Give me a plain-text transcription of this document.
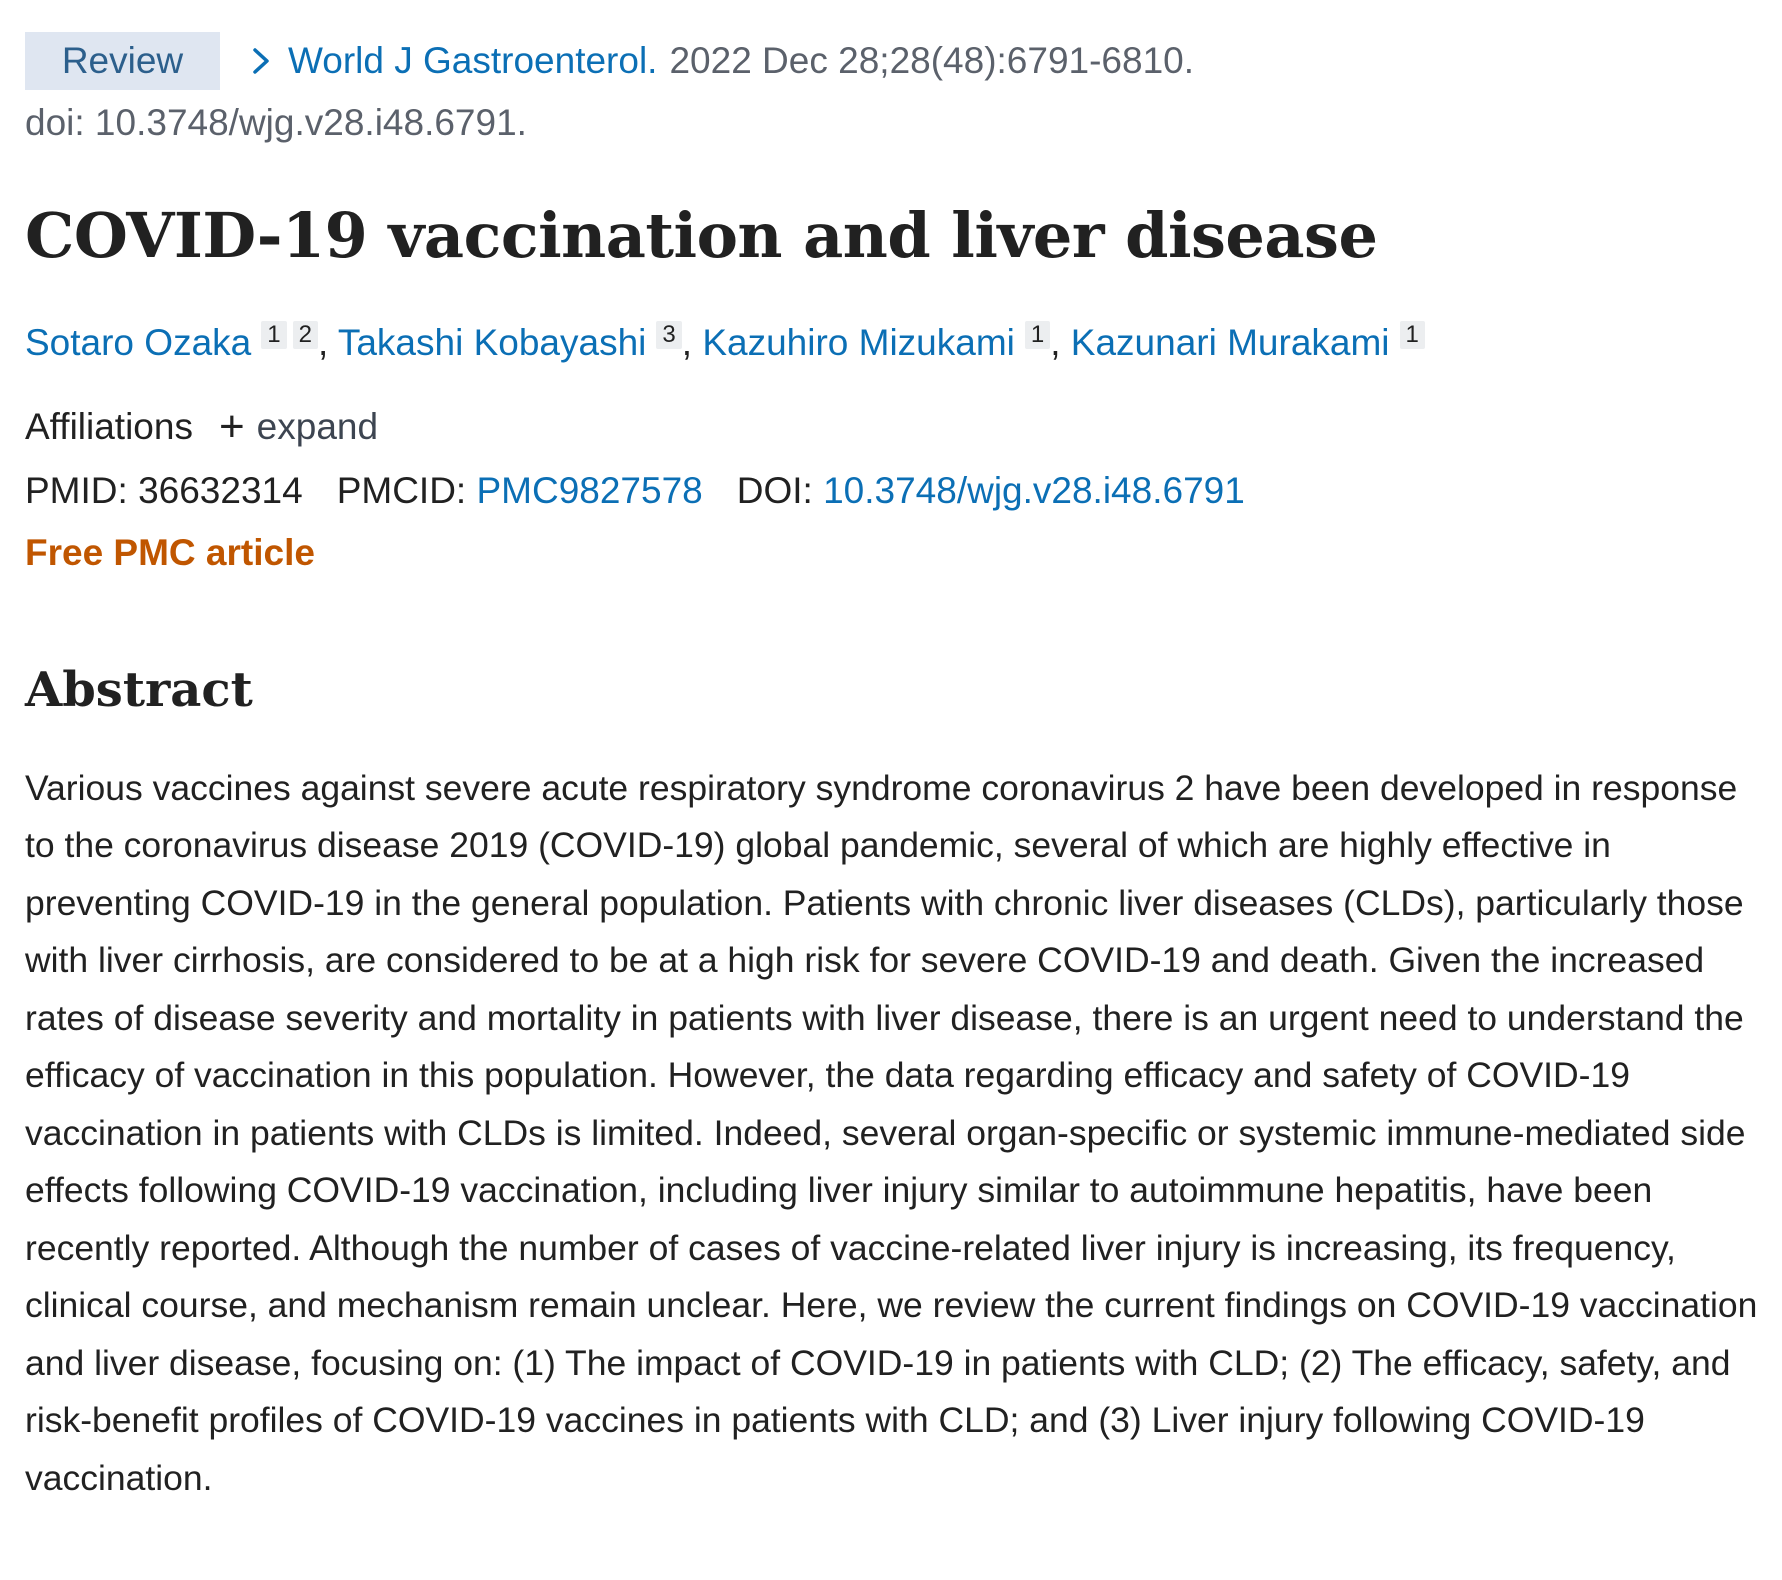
Review	World J Gastroenterol. 2022 Dec 28;28(48):6791-6810.
doi: 10.3748/wjg.v28.i48.6791.
COVID-19 vaccination and liver disease
Sotaro Ozaka 1 2 , Takashi Kobayashi 3 , Kazuhiro Mizukami 1 , Kazunari Murakami 1
Affiliations + expand
PMID: 36632314 PMCID: PMC9827578 DOI: 10.3748/wjg.v28.i48.6791
Free PMC article
Abstract
Various vaccines against severe acute respiratory syndrome coronavirus 2 have been developed in response to the coronavirus disease 2019 (COVID-19) global pandemic, several of which are highly effective in preventing COVID-19 in the general population. Patients with chronic liver diseases (CLDs), particularly those with liver cirrhosis, are considered to be at a high risk for severe COVID-19 and death. Given the increased rates of disease severity and mortality in patients with liver disease, there is an urgent need to understand the efficacy of vaccination in this population. However, the data regarding efficacy and safety of COVID-19 vaccination in patients with CLDs is limited. Indeed, several organ-specific or systemic immune-mediated side effects following COVID-19 vaccination, including liver injury similar to autoimmune hepatitis, have been recently reported. Although the number of cases of vaccine-related liver injury is increasing, its frequency, clinical course, and mechanism remain unclear. Here, we review the current findings on COVID-19 vaccination and liver disease, focusing on: (1) The impact of COVID-19 in patients with CLD; (2) The efficacy, safety, and risk-benefit profiles of COVID-19 vaccines in patients with CLD; and (3) Liver injury following COVID-19 vaccination.
